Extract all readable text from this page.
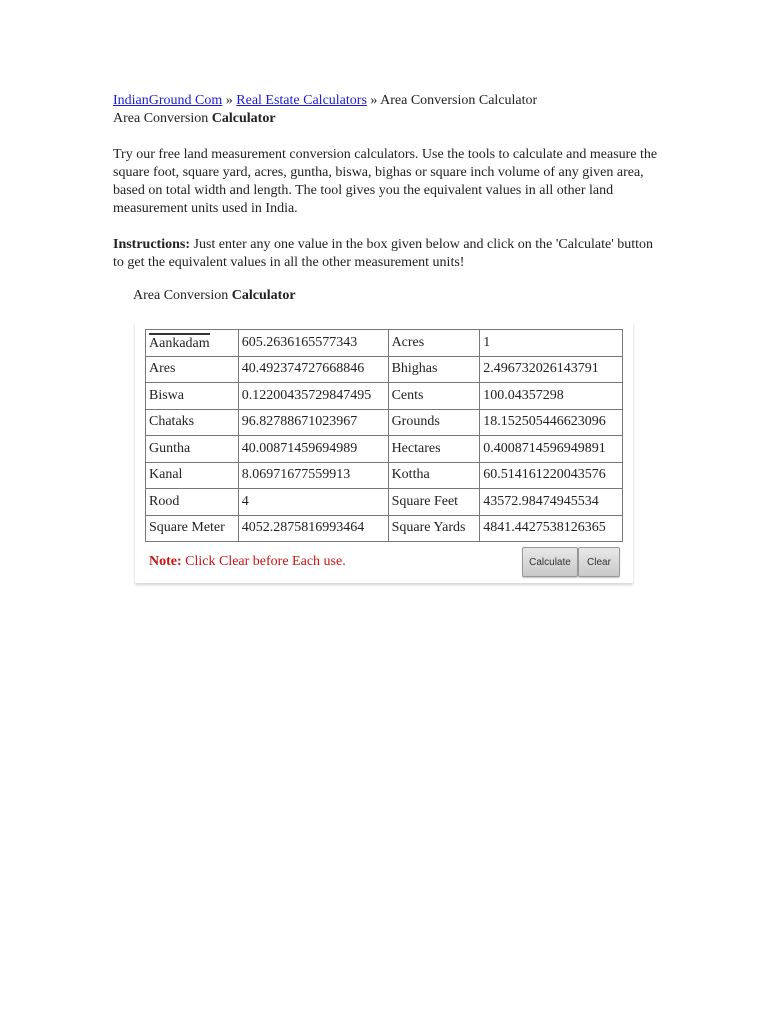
IndianGround Com » Real Estate Calculators » Area Conversion Calculator
Area Conversion Calculator
Try our free land measurement conversion calculators. Use the tools to calculate and measure the square foot, square yard, acres, guntha, biswa, bighas or square inch volume of any given area, based on total width and length. The tool gives you the equivalent values in all other land measurement units used in India.
Instructions: Just enter any one value in the box given below and click on the 'Calculate' button to get the equivalent values in all the other measurement units!
Area Conversion Calculator
Aankadam	605.2636165577343	Acres	1
Ares	40.492374727668846	Bhighas	2.496732026143791
Biswa	0.12200435729847495	Cents	100.04357298
Chataks	96.82788671023967	Grounds	18.152505446623096
Guntha	40.00871459694989	Hectares	0.4008714596949891
Kanal	8.06971677559913	Kottha	60.514161220043576
Rood	4	Square Feet	43572.98474945534
Square Meter	4052.2875816993464	Square Yards	4841.4427538126365
Note: Click Clear before Each use.	Calculate	Clear
